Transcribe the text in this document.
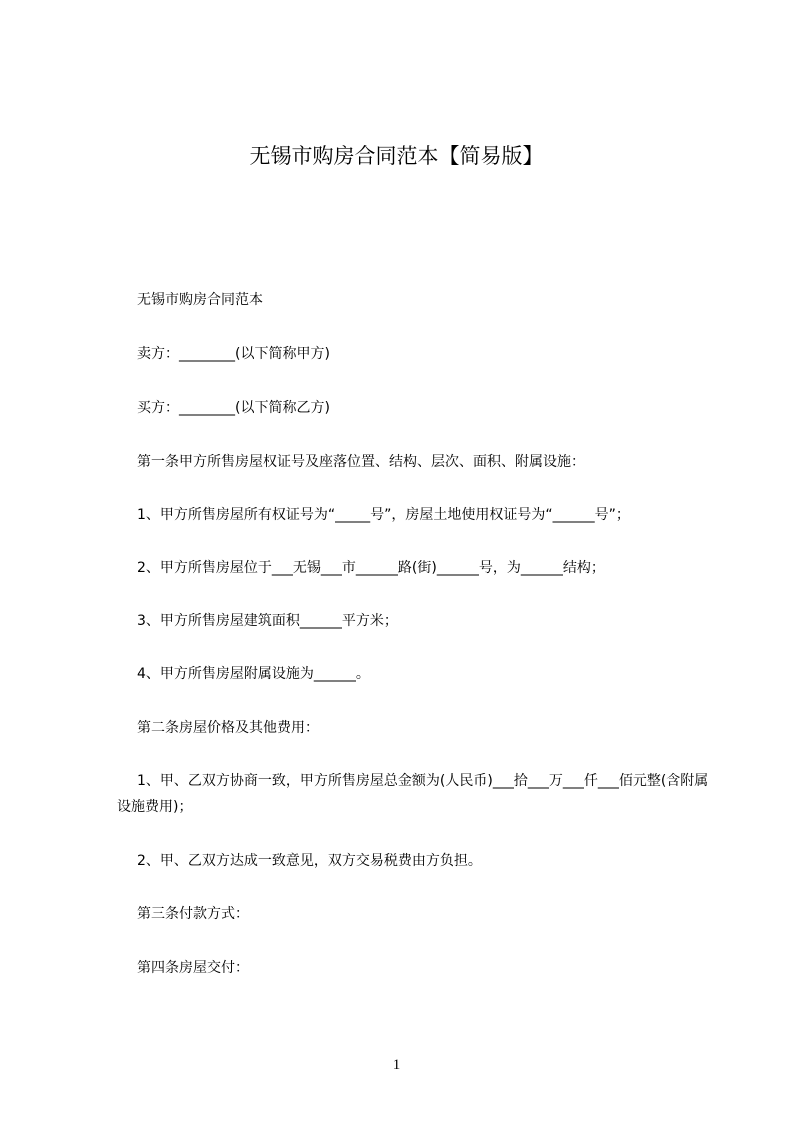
无锡市购房合同范本【简易版】
无锡市购房合同范本
卖方：________(以下简称甲方)
买方：________(以下简称乙方)
第一条甲方所售房屋权证号及座落位置、结构、层次、面积、附属设施：
1、甲方所售房屋所有权证号为“_____号”，房屋土地使用权证号为“______号”；
2、甲方所售房屋位于___无锡___市______路(街)______号，为______结构；
3、甲方所售房屋建筑面积______平方米；
4、甲方所售房屋附属设施为______。
第二条房屋价格及其他费用：
1、甲、乙双方协商一致，甲方所售房屋总金额为(人民币)___拾___万___仟___佰元整(含附属设施费用)；
2、甲、乙双方达成一致意见，双方交易税费由方负担。
第三条付款方式：
第四条房屋交付：
1
